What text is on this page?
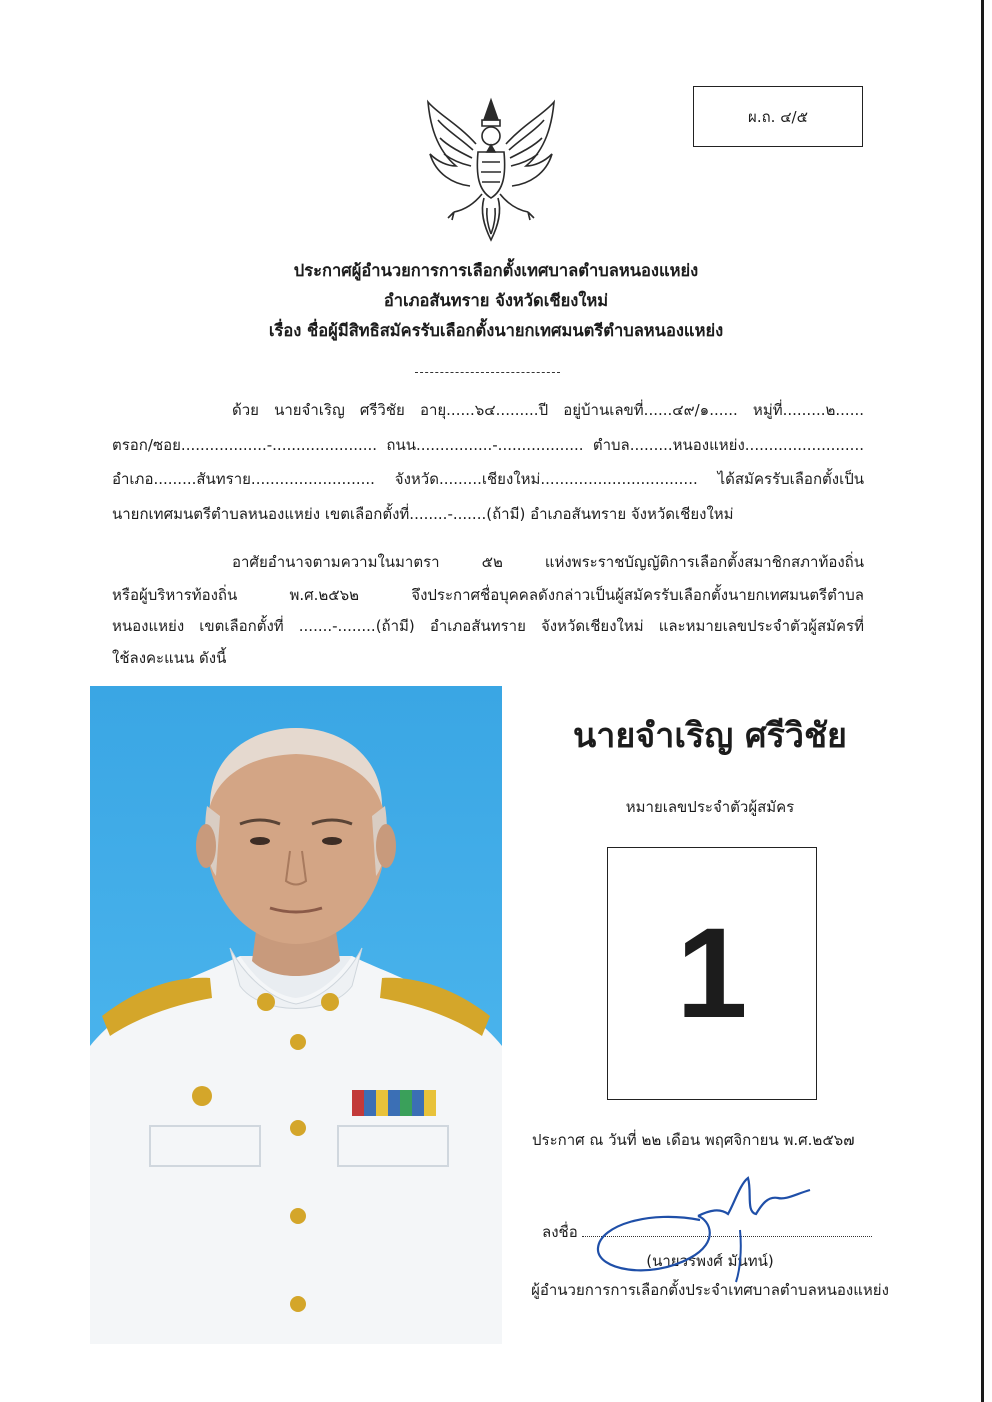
ผ.ถ. ๔/๕
ประกาศผู้อำนวยการการเลือกตั้งเทศบาลตำบลหนองแหย่ง
อำเภอสันทราย จังหวัดเชียงใหม่
เรื่อง ชื่อผู้มีสิทธิสมัครรับเลือกตั้งนายกเทศมนตรีตำบลหนองแหย่ง
ด้วย นายจำเริญ ศรีวิชัย อายุ......๖๔.........ปี อยู่บ้านเลขที่......๔๙/๑...... หมู่ที่.........๒......
ตรอก/ซอย..................-...................... ถนน................-.................. ตำบล.........หนองแหย่ง.........................
อำเภอ.........สันทราย.......................... จังหวัด.........เชียงใหม่................................. ได้สมัครรับเลือกตั้งเป็น
นายกเทศมนตรีตำบลหนองแหย่ง เขตเลือกตั้งที่........-.......(ถ้ามี) อำเภอสันทราย จังหวัดเชียงใหม่
อาศัยอำนาจตามความในมาตรา ๕๒ แห่งพระราชบัญญัติการเลือกตั้งสมาชิกสภาท้องถิ่น
หรือผู้บริหารท้องถิ่น พ.ศ.๒๕๖๒ จึงประกาศชื่อบุคคลดังกล่าวเป็นผู้สมัครรับเลือกตั้งนายกเทศมนตรีตำบล
หนองแหย่ง เขตเลือกตั้งที่ .......-........(ถ้ามี) อำเภอสันทราย จังหวัดเชียงใหม่ และหมายเลขประจำตัวผู้สมัครที่
ใช้ลงคะแนน ดังนี้
นายจำเริญ ศรีวิชัย
หมายเลขประจำตัวผู้สมัคร
1
ประกาศ ณ วันที่ ๒๒ เดือน พฤศจิกายน พ.ศ.๒๕๖๗
ลงชื่อ
(นายวรพงศ์ มันทน์)
ผู้อำนวยการการเลือกตั้งประจำเทศบาลตำบลหนองแหย่ง
